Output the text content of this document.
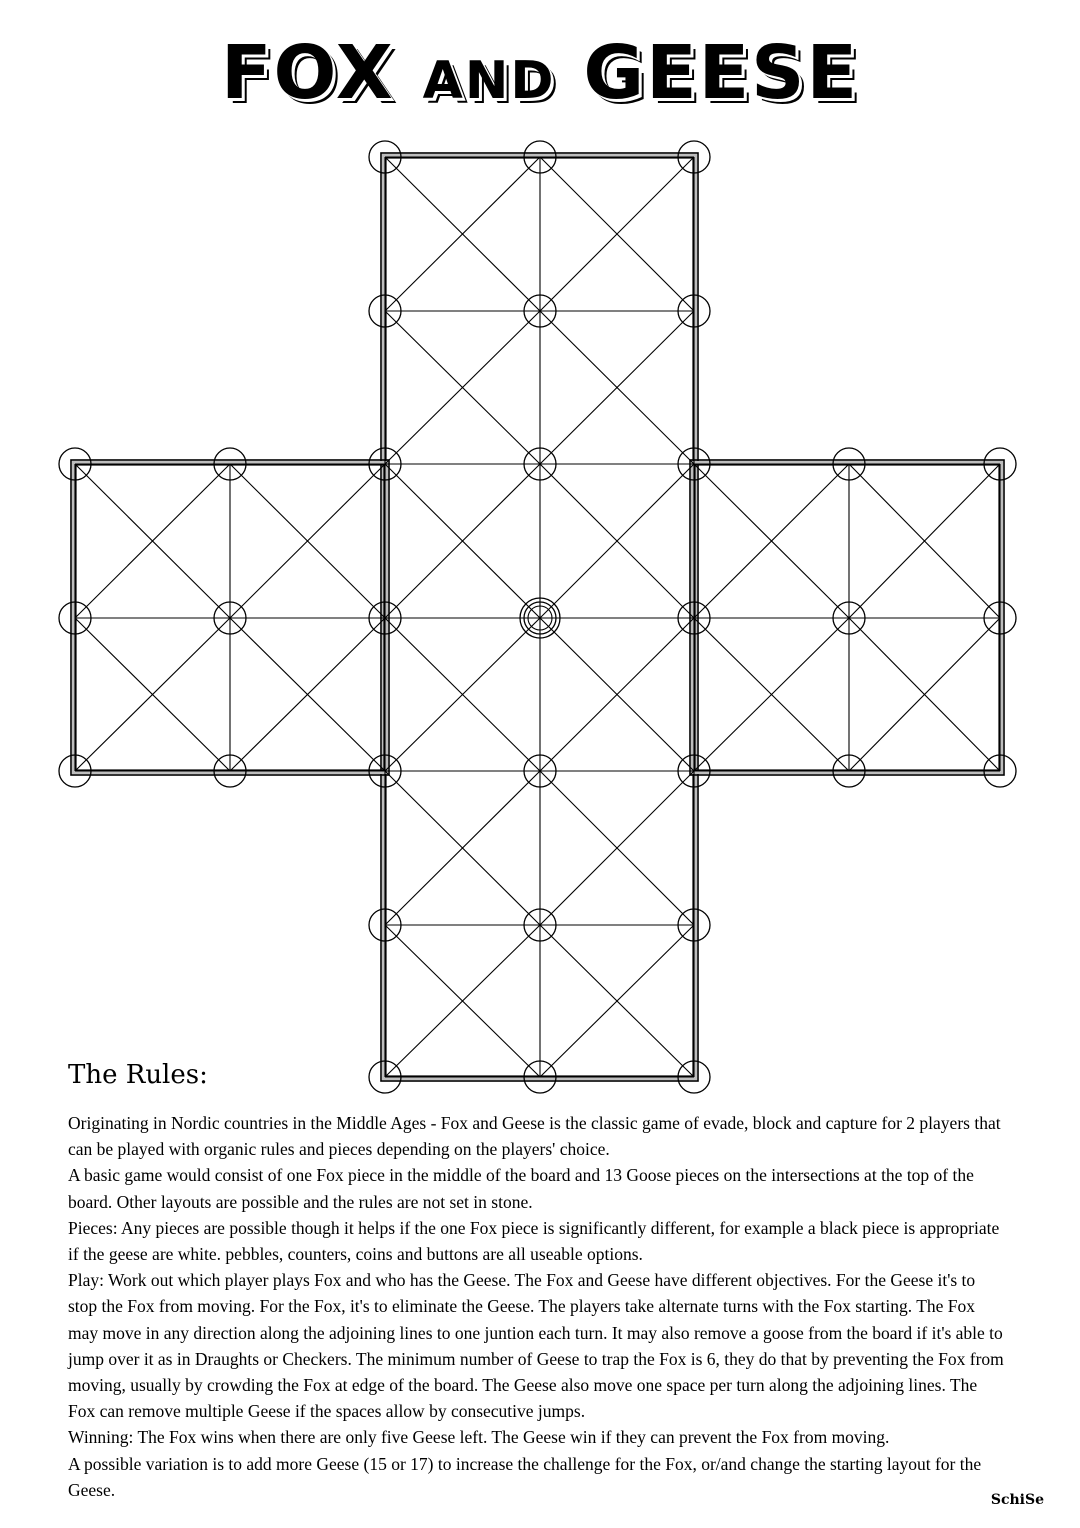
FOX AND GEESE
The Rules:

Originating in Nordic countries in the Middle Ages - Fox and Geese is the classic game of evade, block and capture for 2 players that can be played with organic rules and pieces depending on the players' choice.

A basic game would consist of one Fox piece in the middle of the board and 13 Goose pieces on the intersections at the top of the board. Other layouts are possible and the rules are not set in stone.

Pieces: Any pieces are possible though it helps if the one Fox piece is significantly different, for example a black piece is appropriate if the geese are white. pebbles, counters, coins and buttons are all useable options.

Play: Work out which player plays Fox and who has the Geese. The Fox and Geese have different objectives. For the Geese it's to stop the Fox from moving. For the Fox, it's to eliminate the Geese. The players take alternate turns with the Fox starting. The Fox may move in any direction along the adjoining lines to one juntion each turn. It may also remove a goose from the board if it's able to jump over it as in Draughts or Checkers. The minimum number of Geese to trap the Fox is 6, they do that by preventing the Fox from moving, usually by crowding the Fox at edge of the board. The Geese also move one space per turn along the adjoining lines. The Fox can remove multiple Geese if the spaces allow by consecutive jumps.

Winning: The Fox wins when there are only five Geese left. The Geese win if they can prevent the Fox from moving.

A possible variation is to add more Geese (15 or 17) to increase the challenge for the Fox, or/and change the starting layout for the Geese.

SchiSe
